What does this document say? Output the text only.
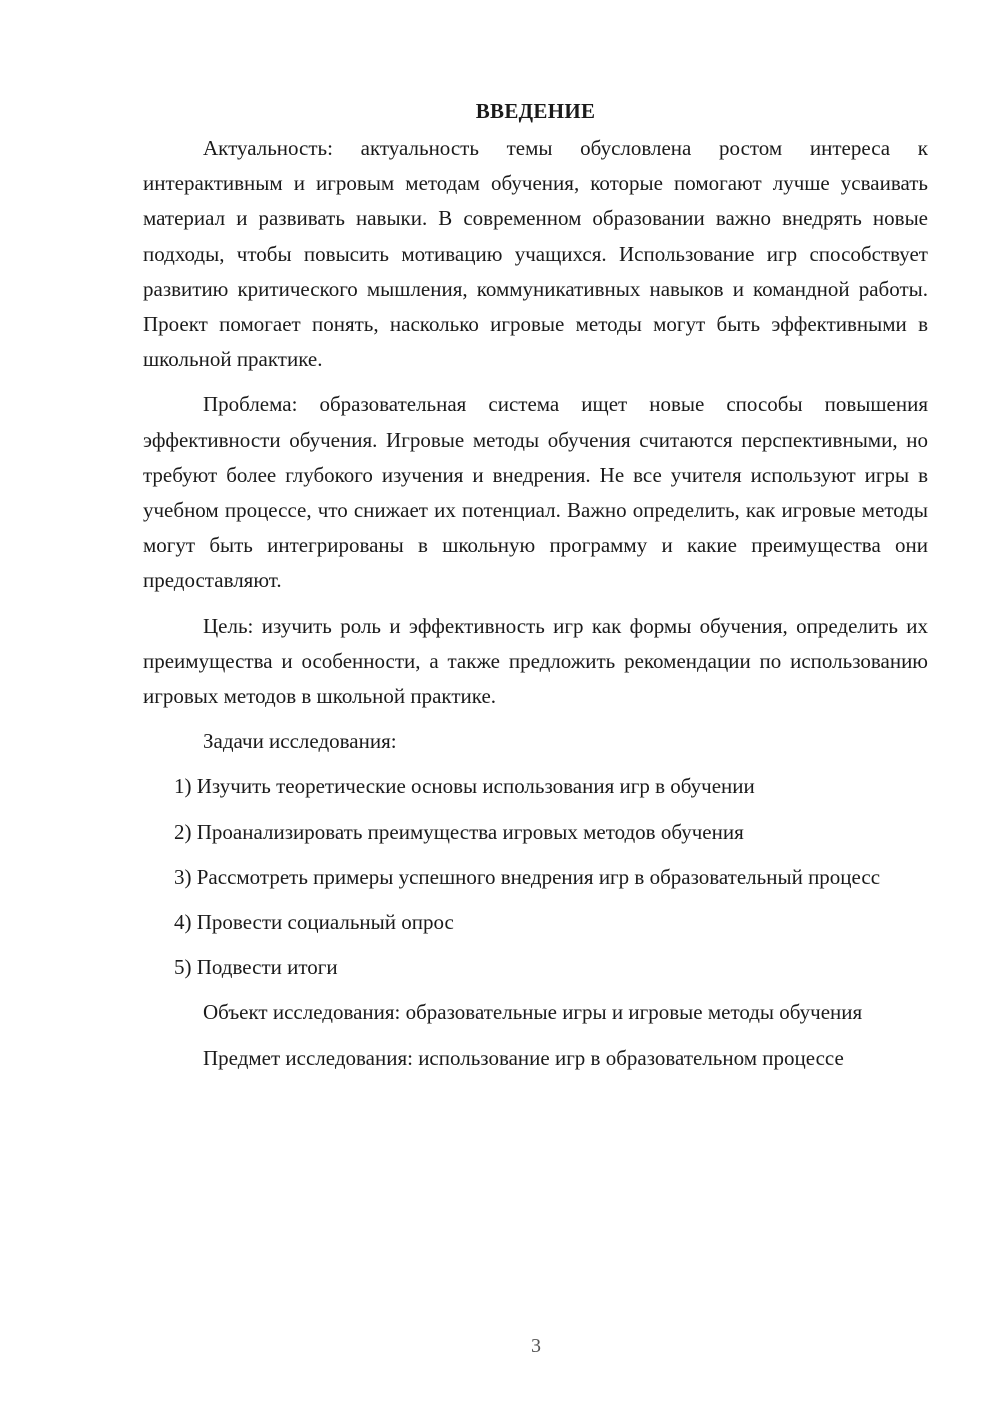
ВВЕДЕНИЕ

Актуальность: актуальность темы обусловлена ростом интереса к интерактивным и игровым методам обучения, которые помогают лучше усваивать материал и развивать навыки. В современном образовании важно внедрять новые подходы, чтобы повысить мотивацию учащихся. Использование игр способствует развитию критического мышления, коммуникативных навыков и командной работы. Проект помогает понять, насколько игровые методы могут быть эффективными в школьной практике.

Проблема: образовательная система ищет новые способы повышения эффективности обучения. Игровые методы обучения считаются перспективными, но требуют более глубокого изучения и внедрения. Не все учителя используют игры в учебном процессе, что снижает их потенциал. Важно определить, как игровые методы могут быть интегрированы в школьную программу и какие преимущества они предоставляют.

Цель: изучить роль и эффективность игр как формы обучения, определить их преимущества и особенности, а также предложить рекомендации по использованию игровых методов в школьной практике.

Задачи исследования:

1) Изучить теоретические основы использования игр в обучении

2) Проанализировать преимущества игровых методов обучения

3) Рассмотреть примеры успешного внедрения игр в образовательный процесс

4) Провести социальный опрос

5) Подвести итоги

Объект исследования: образовательные игры и игровые методы обучения

Предмет исследования: использование игр в образовательном процессе

3
